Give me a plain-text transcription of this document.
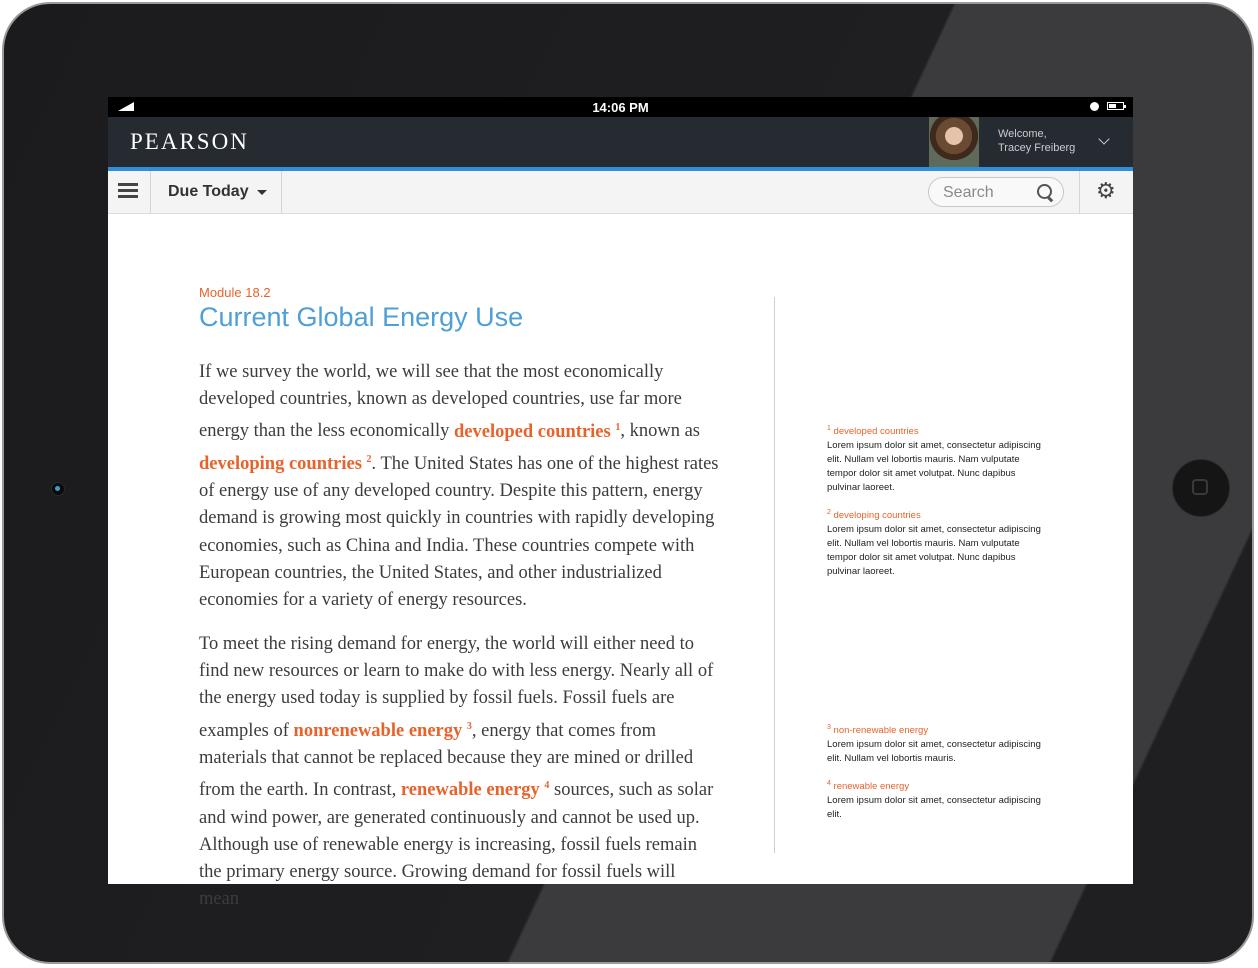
14:06 PM
PEARSON	Welcome,
Tracey Freiberg
Due Today
Search	⚙
Module 18.2
Current Global Energy Use

If we survey the world, we will see that the most economically developed countries, known as developed countries, use far more energy than the less economically developed countries $^1$, known as developing countries $^2$. The United States has one of the highest rates of energy use of any developed country. Despite this pattern, energy demand is growing most quickly in countries with rapidly developing economies, such as China and India. These countries compete with European countries, the United States, and other industrialized economies for a variety of energy resources.

To meet the rising demand for energy, the world will either need to find new resources or learn to make do with less energy. Nearly all of the energy used today is supplied by fossil fuels. Fossil fuels are examples of nonrenewable energy $^3$, energy that comes from materials that cannot be replaced because they are mined or drilled from the earth. In contrast, renewable energy $^4$ sources, such as solar and wind power, are generated continuously and cannot be used up. Although use of renewable energy is increasing, fossil fuels remain the primary energy source. Growing demand for fossil fuels will mean

$^1$ developed countries
Lorem ipsum dolor sit amet, consectetur adipiscing elit. Nullam vel lobortis mauris. Nam vulputate tempor dolor sit amet volutpat. Nunc dapibus pulvinar laoreet.
$^2$ developing countries
Lorem ipsum dolor sit amet, consectetur adipiscing elit. Nullam vel lobortis mauris. Nam vulputate tempor dolor sit amet volutpat. Nunc dapibus pulvinar laoreet.
$^3$ non-renewable energy
Lorem ipsum dolor sit amet, consectetur adipiscing elit. Nullam vel lobortis mauris.
$^4$ renewable energy
Lorem ipsum dolor sit amet, consectetur adipiscing elit.
